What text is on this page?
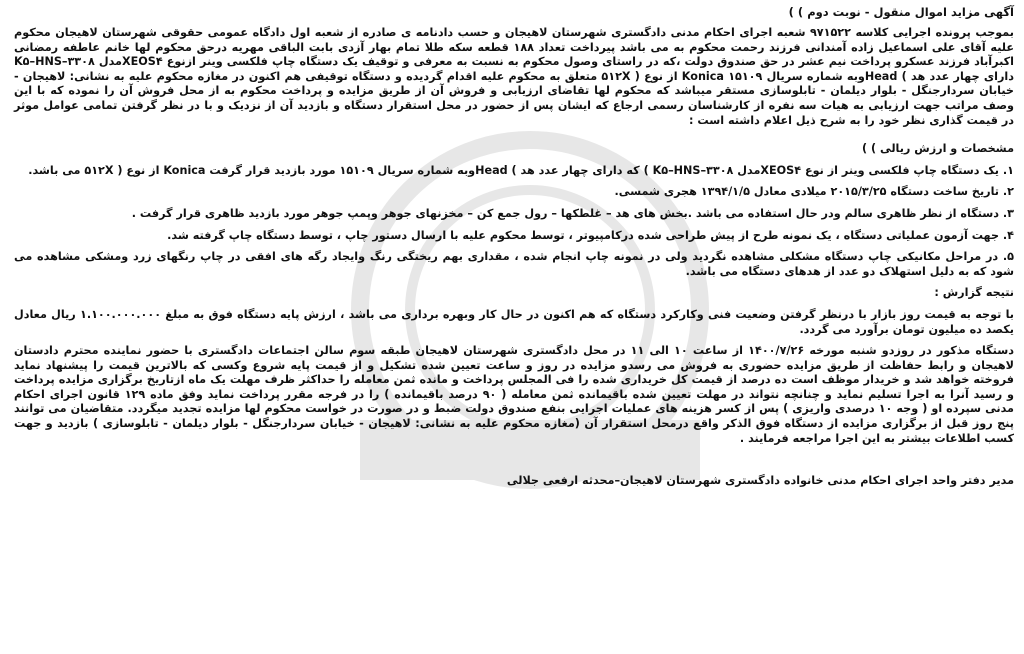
آگهی مزاید اموال منقول - نوبت دوم ) )

بموجب پرونده اجرایی کلاسه ۹۷۱۵۲۲ شعبه اجرای احکام مدنی دادگستری شهرستان لاهیجان و حسب دادنامه ی صادره از شعبه اول دادگاه عمومی حقوقی شهرستان لاهیجان محکوم علیه آقای علی اسماعیل زاده آمندانی فرزند رحمت محکوم به می باشد پیرداخت تعداد ۱۸۸ قطعه سکه طلا تمام بهار آزدی بابت الباقی مهریه درحق محکوم لها خانم عاطفه رمضانی اکبرآباد فرزند عسکرو پرداخت نیم عشر در حق صندوق دولت ،که در راستای وصول محکوم به نسبت به معرفی و توقیف یک دستگاه چاپ فلکسی وینر ازنوع XEOS۴مدل K۵–HNS–۳۳۰۸ دارای چهار عدد هد ) Headوبه شماره سریال ۱۵۱۰۹ Konica از نوع ( ۵۱۲X متعلق به محکوم علیه اقدام گردیده و دستگاه توقیفی هم اکنون در مغازه محکوم علیه به نشانی: لاهیجان - خیابان سردارجنگل - بلوار دیلمان - تابلوسازی مستقر میباشد که محکوم لها تقاضای ارزیابی و فروش آن از طریق مزایده و پرداخت محکوم به از محل فروش آن را نموده که با این وصف مراتب جهت ارزیابی به هیات سه نفره از کارشناسان رسمی ارجاع که ایشان پس از حضور در محل استقرار دستگاه و بازدید آن از نزدیک و با در نظر گرفتن تمامی عوامل موثر در قیمت گذاری نظر خود را به شرح ذیل اعلام داشته است :

مشخصات و ارزش ریالی ) )

۱. یک دستگاه چاپ فلکسی وینر از نوع XEOS۴مدل K۵–HNS–۳۳۰۸ ) که دارای چهار عدد هد ) Headوبه شماره سریال ۱۵۱۰۹ مورد بازدید قرار گرفت Konica از نوع ( ۵۱۲X می باشد.

۲. تاریخ ساخت دستگاه ۲۰۱۵/۳/۲۵ میلادی معادل ۱۳۹۴/۱/۵ هجری شمسی.

۳. دستگاه از نظر ظاهری سالم ودر حال استفاده می باشد .بخش های هد – غلطکها – رول جمع کن – مخزنهای جوهر وپمپ جوهر مورد بازدید ظاهری قرار گرفت .

۴. جهت آزمون عملیاتی دستگاه ، یک نمونه طرح از پیش طراحی شده درکامپیوتر ، توسط محکوم علیه با ارسال دستور چاپ ، توسط دستگاه چاپ گرفته شد.

۵. در مراحل مکانیکی چاپ دستگاه مشکلی مشاهده نگردید ولی در نمونه چاپ انجام شده ، مقداری بهم ریختگی رنگ وایجاد رگه های افقی در چاپ رنگهای زرد ومشکی مشاهده می شود که به دلیل استهلاک دو عدد از هدهای دستگاه می باشد.

نتیجه گزارش :

با توجه به قیمت روز بازار با درنظر گرفتن وضعیت فنی وکارکرد دستگاه که هم اکنون در حال کار وبهره برداری می باشد ، ارزش پایه دستگاه فوق به مبلغ ۱.۱۰۰.۰۰۰.۰۰۰ ریال معادل یکصد ده میلیون تومان برآورد می گردد.

دستگاه مذکور در روزدو شنبه مورخه ۱۴۰۰/۷/۲۶ از ساعت ۱۰ الی ۱۱ در محل دادگستری شهرستان لاهیجان طبقه سوم سالن اجتماعات دادگستری با حضور نماینده محترم دادستان لاهیجان و رابط حفاظت از طریق مزایده حضوری به فروش می رسدو مزایده در روز و ساعت تعیین شده تشکیل و از قیمت پایه شروع وکسی که بالاترین قیمت را پیشنهاد نماید فروخته خواهد شد و خریدار موظف است ده درصد از قیمت کل خریداری شده را فی المجلس پرداخت و مانده ثمن معامله را حداکثر ظرف مهلت یک ماه ازتاریخ برگزاری مزایده پرداخت و رسید آنرا به اجرا تسلیم نماید و چنانچه نتواند در مهلت تعیین شده باقیمانده ثمن معامله ( ۹۰ درصد باقیمانده ) را در فرجه مقرر پرداخت نماید وفق ماده ۱۲۹ قانون اجرای احکام مدنی سپرده او ( وجه ۱۰ درصدی واریزی ) پس از کسر هزینه های عملیات اجرایی بنفع صندوق دولت ضبط و در صورت در خواست محکوم لها مزایده تجدید میگردد. متقاضیان می توانند پنج روز قبل از برگزاری مزایده از دستگاه فوق الذکر واقع درمحل استقرار آن (مغازه محکوم علیه به نشانی: لاهیجان - خیابان سردارجنگل - بلوار دیلمان - تابلوسازی ) بازدید و جهت کسب اطلاعات بیشتر به این اجرا مراجعه فرمایند .

مدیر دفتر واحد اجرای احکام مدنی خانواده دادگستری شهرستان لاهیجان–محدثه ارفعی جلالی
